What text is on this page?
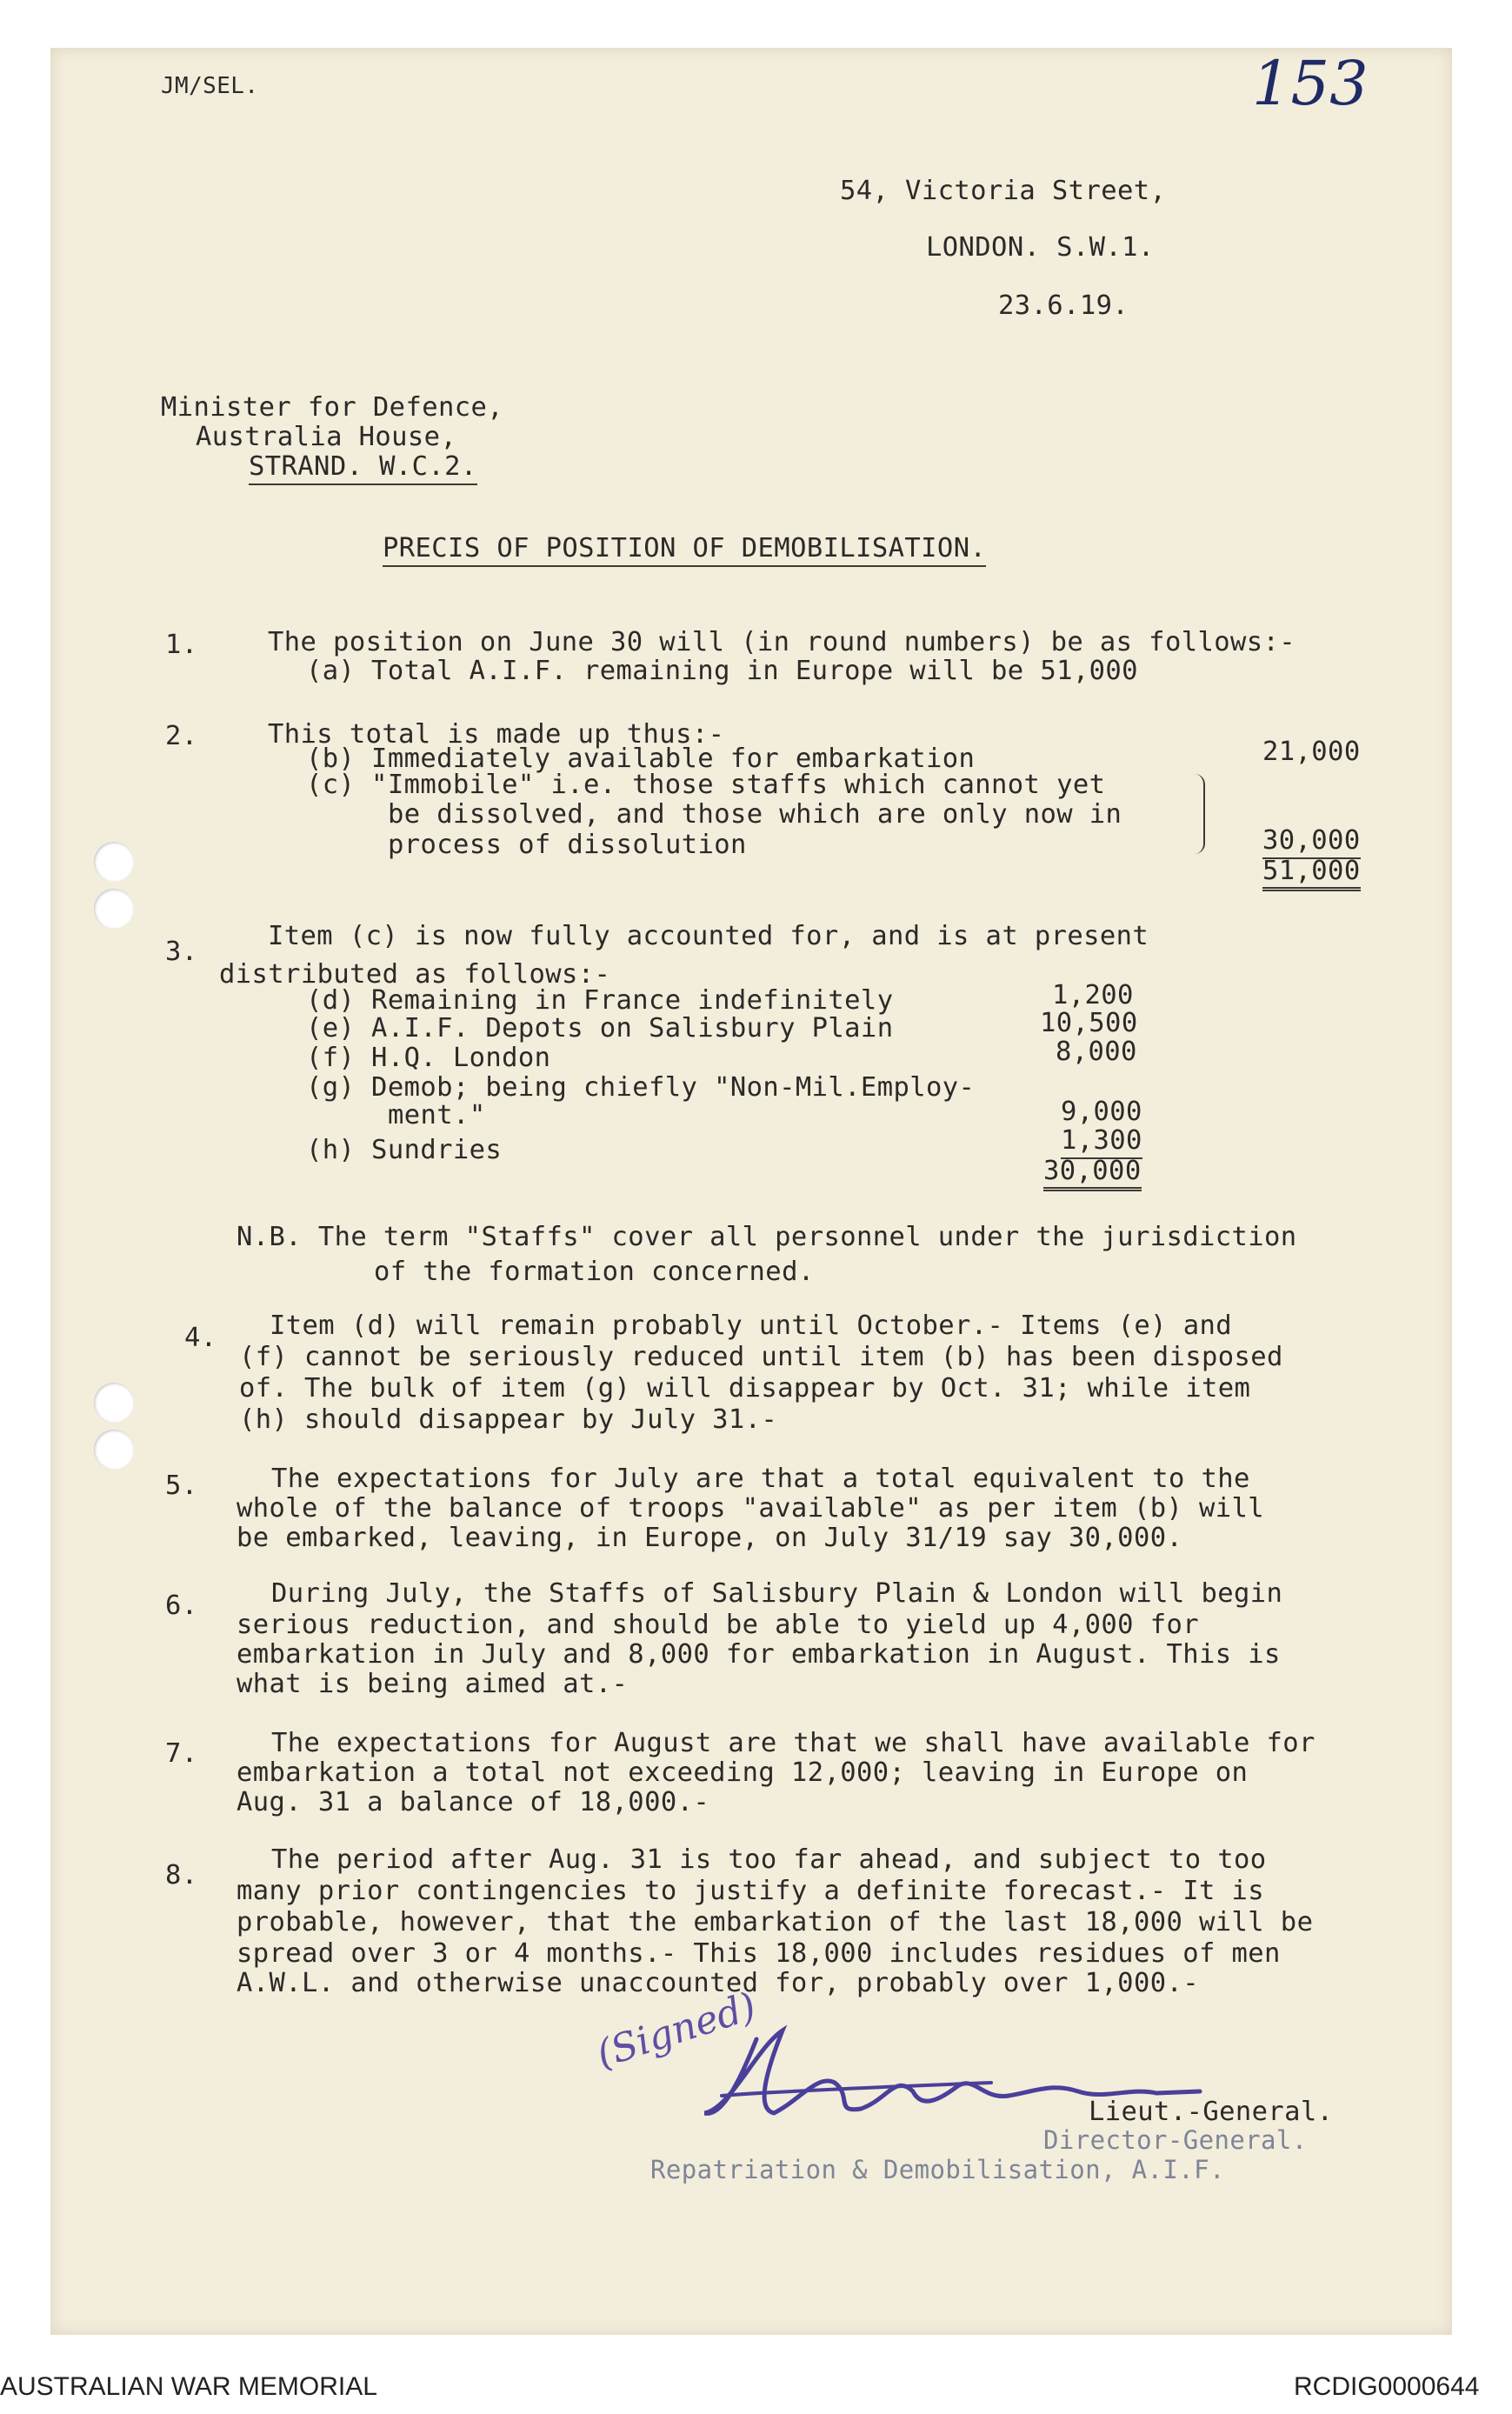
JM/SEL.	153
54, Victoria Street,
LONDON. S.W.1.
23.6.19.
Minister for Defence,
Australia House,
STRAND. W.C.2.
PRECIS OF POSITION OF DEMOBILISATION.
1.	The position on June 30 will (in round numbers) be as follows:-
(a) Total A.I.F. remaining in Europe will be 51,000
2.	This total is made up thus:-
(b) Immediately available for embarkation	21,000
(c) "Immobile" i.e. those staffs which cannot yet
be dissolved, and those which are only now in
process of dissolution	30,000
51,000
3.
Item (c) is now fully accounted for, and is at present
distributed as follows:-
(d) Remaining in France indefinitely	1,200
(e) A.I.F. Depots on Salisbury Plain	10,500
(f) H.Q. London	8,000
(g) Demob; being chiefly "Non-Mil.Employ-
ment."	9,000
(h) Sundries	1,300
30,000
N.B. The term "Staffs" cover all personnel under the jurisdiction
of the formation concerned.
4. Item (d) will remain probably until October.- Items (e) and
(f) cannot be seriously reduced until item (b) has been disposed
of. The bulk of item (g) will disappear by Oct. 31; while item
(h) should disappear by July 31.-
5.	The expectations for July are that a total equivalent to the
whole of the balance of troops "available" as per item (b) will
be embarked, leaving, in Europe, on July 31/19 say 30,000.
6.	During July, the Staffs of Salisbury Plain & London will begin
serious reduction, and should be able to yield up 4,000 for
embarkation in July and 8,000 for embarkation in August. This is
what is being aimed at.-
7.	The expectations for August are that we shall have available for
embarkation a total not exceeding 12,000; leaving in Europe on
Aug. 31 a balance of 18,000.-
8.
The period after Aug. 31 is too far ahead, and subject to too
many prior contingencies to justify a definite forecast.- It is
probable, however, that the embarkation of the last 18,000 will be
spread over 3 or 4 months.- This 18,000 includes residues of men
A.W.L. and otherwise unaccounted for, probably over 1,000.-
(Signed)
Lieut.-General.
Director-General.
Repatriation & Demobilisation, A.I.F.
AUSTRALIAN WAR MEMORIAL	RCDIG0000644
